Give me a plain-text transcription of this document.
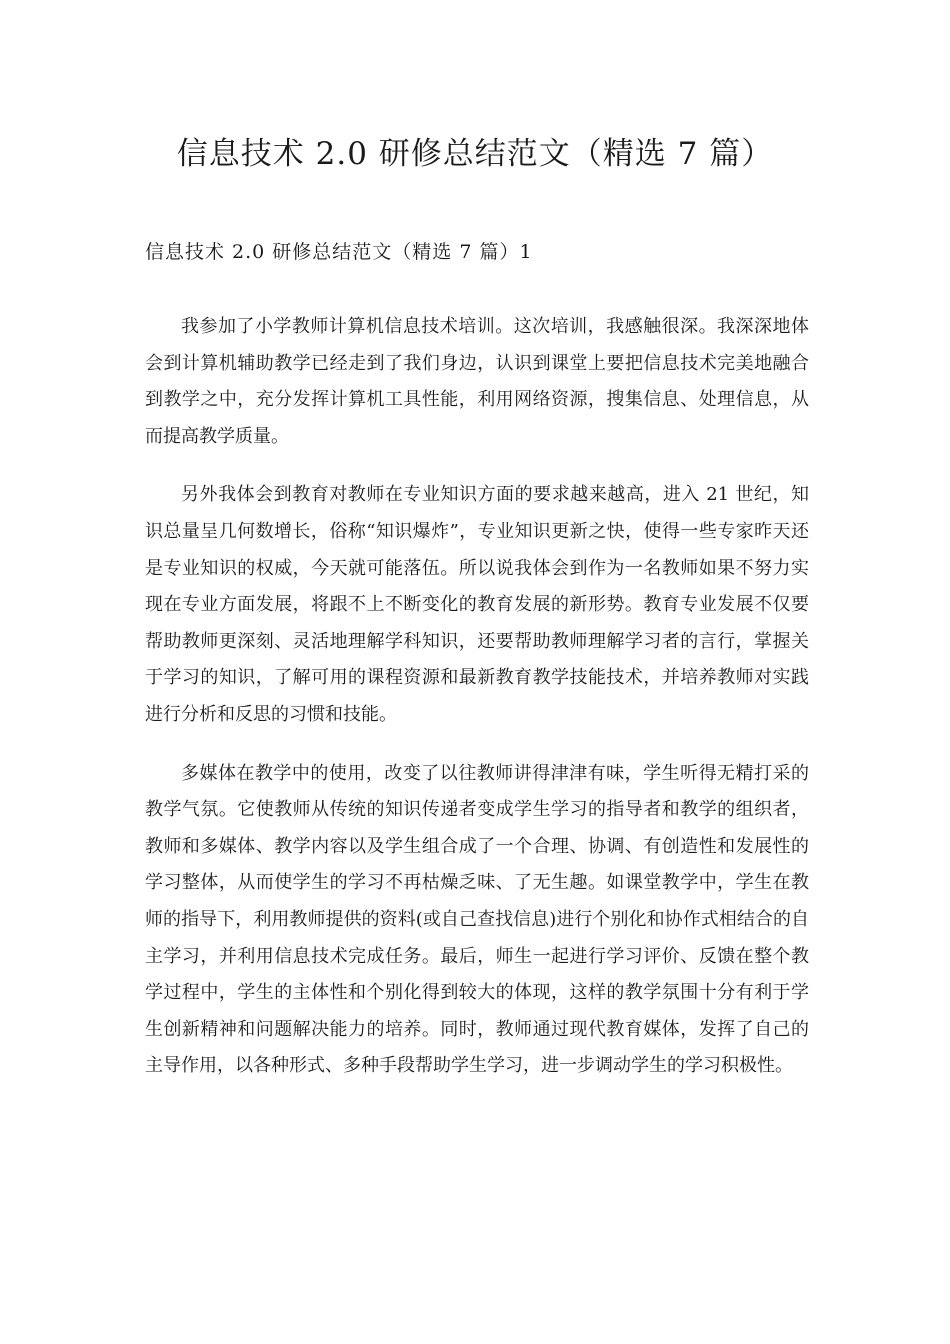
信息技术 2.0 研修总结范文（精选 7 篇）
信息技术 2.0 研修总结范文（精选 7 篇）1

我参加了小学教师计算机信息技术培训。这次培训，我感触很深。我深深地体会到计算机辅助教学已经走到了我们身边，认识到课堂上要把信息技术完美地融合到教学之中，充分发挥计算机工具性能，利用网络资源，搜集信息、处理信息，从而提高教学质量。

另外我体会到教育对教师在专业知识方面的要求越来越高，进入 21 世纪，知识总量呈几何数增长，俗称“知识爆炸”，专业知识更新之快，使得一些专家昨天还是专业知识的权威，今天就可能落伍。所以说我体会到作为一名教师如果不努力实现在专业方面发展，将跟不上不断变化的教育发展的新形势。教育专业发展不仅要帮助教师更深刻、灵活地理解学科知识，还要帮助教师理解学习者的言行，掌握关于学习的知识，了解可用的课程资源和最新教育教学技能技术，并培养教师对实践进行分析和反思的习惯和技能。

多媒体在教学中的使用，改变了以往教师讲得津津有味，学生听得无精打采的教学气氛。它使教师从传统的知识传递者变成学生学习的指导者和教学的组织者，教师和多媒体、教学内容以及学生组合成了一个合理、协调、有创造性和发展性的学习整体，从而使学生的学习不再枯燥乏味、了无生趣。如课堂教学中，学生在教师的指导下，利用教师提供的资料(或自己查找信息)进行个别化和协作式相结合的自主学习，并利用信息技术完成任务。最后，师生一起进行学习评价、反馈在整个教学过程中，学生的主体性和个别化得到较大的体现，这样的教学氛围十分有利于学生创新精神和问题解决能力的培养。同时，教师通过现代教育媒体，发挥了自己的主导作用，以各种形式、多种手段帮助学生学习，进一步调动学生的学习积极性。
